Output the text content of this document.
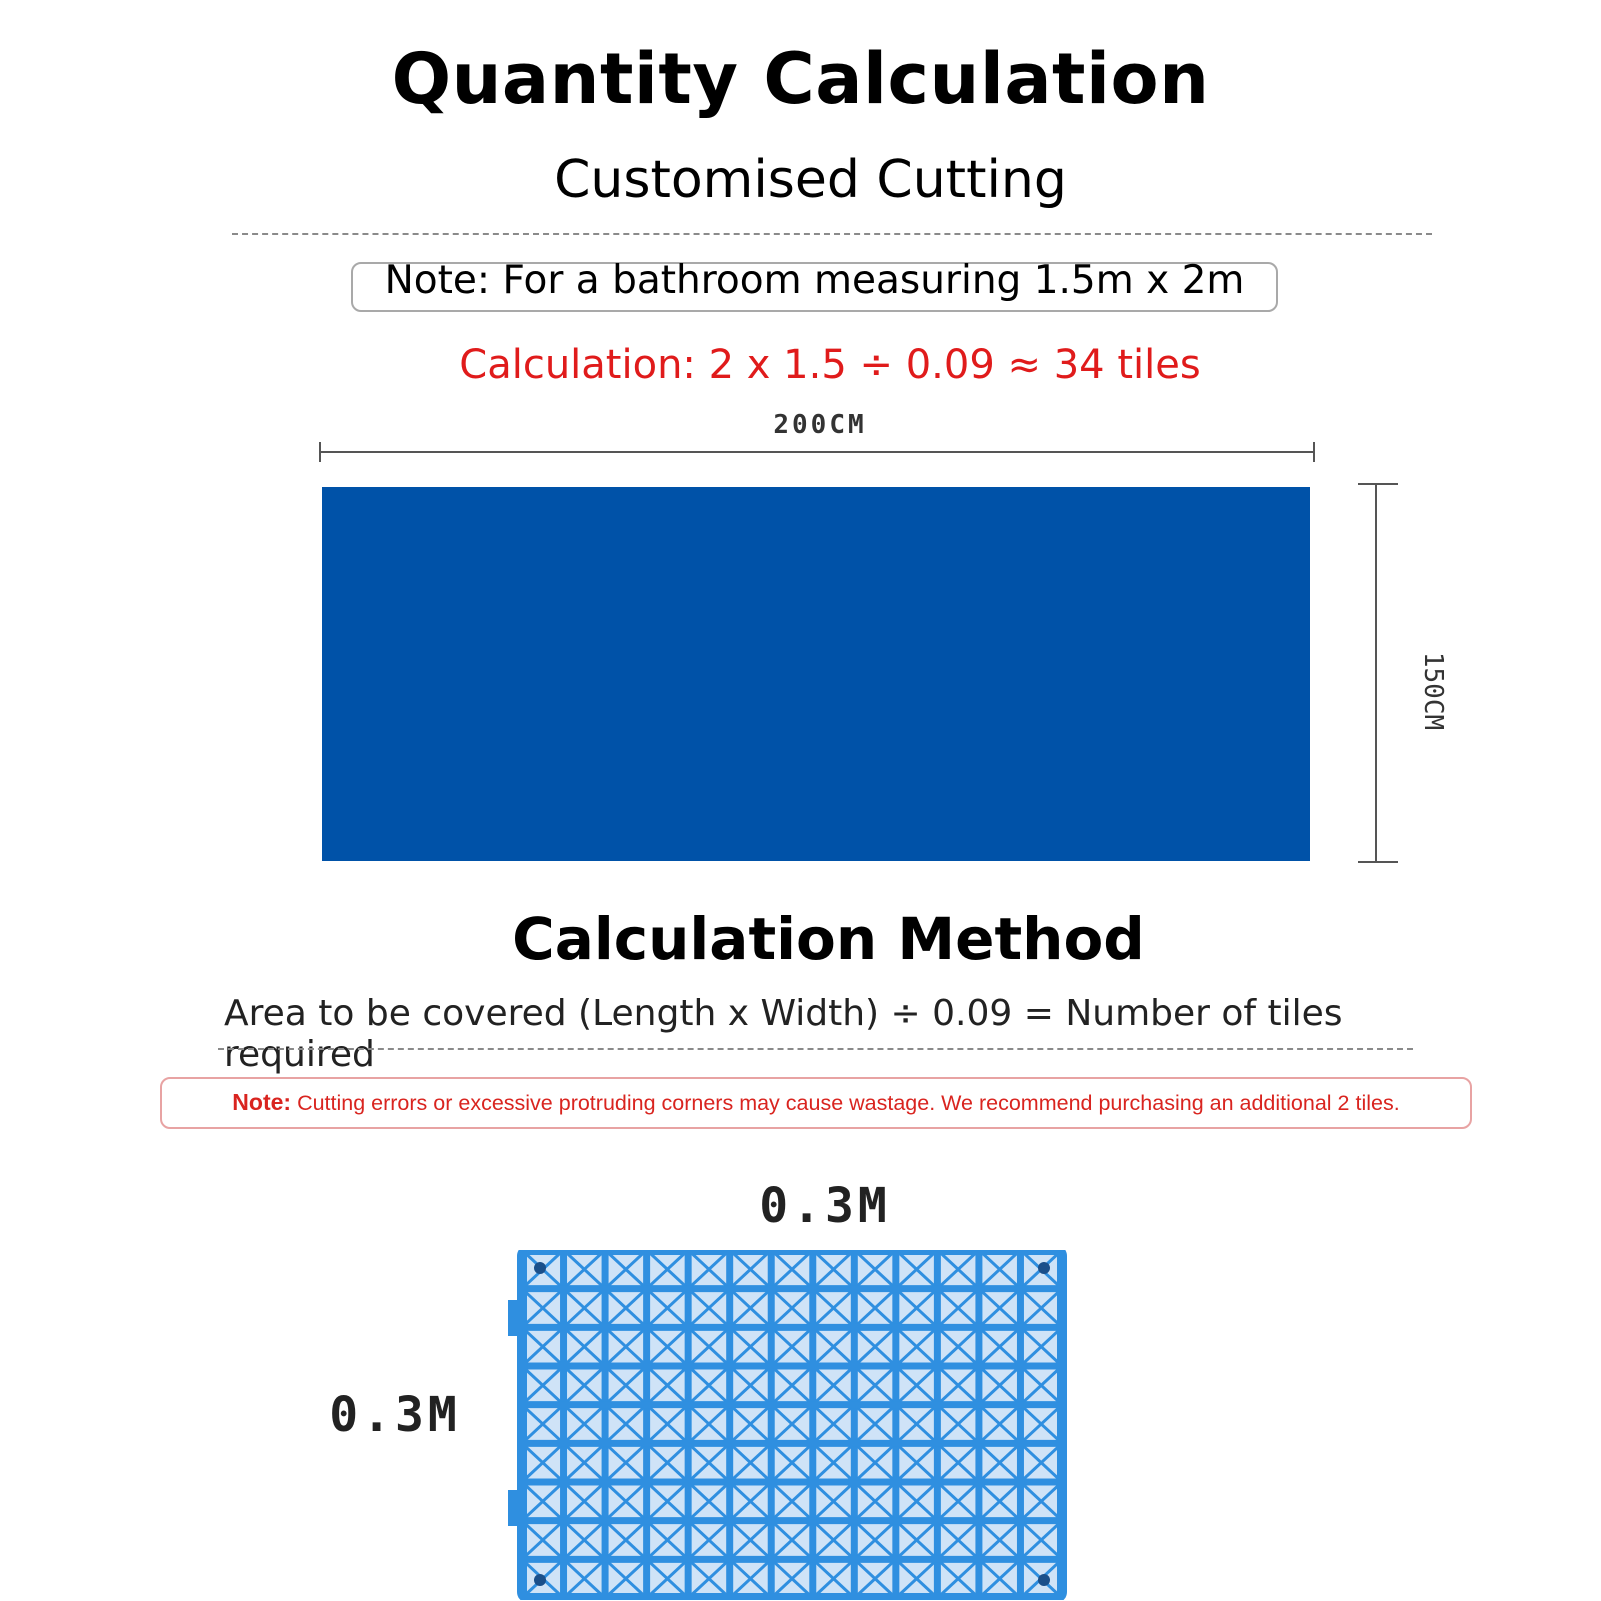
Quantity Calculation
Customised Cutting
Note: For a bathroom measuring 1.5m x 2m
Calculation: 2 x 1.5 ÷ 0.09 ≈ 34 tiles
200CM
150CM
Calculation Method
Area to be covered (Length x Width) ÷ 0.09 = Number of tiles required
Note: Cutting errors or excessive protruding corners may cause wastage. We recommend purchasing an additional 2 tiles.
0.3M
0.3M
